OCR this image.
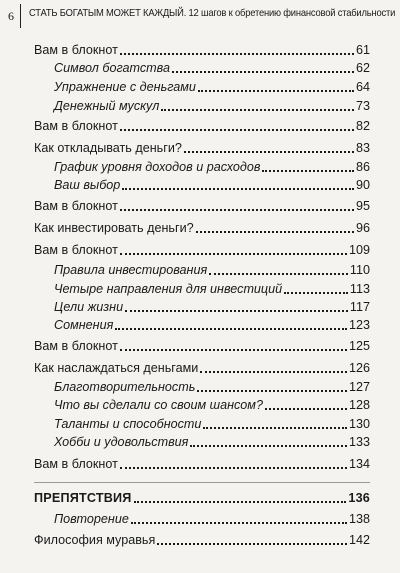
6 СТАТЬ БОГАТЫМ МОЖЕТ КАЖДЫЙ. 12 шагов к обретению финансовой стабильности
Вам в блокнот	61
Символ богатства	62
Упражнение с деньгами	64
Денежный мускул	73
Вам в блокнот	82
Как откладывать деньги?	83
График уровня доходов и расходов	86
Ваш выбор	90
Вам в блокнот	95
Как инвестировать деньги?	96
Вам в блокнот	109
Правила инвестирования	110
Четыре направления для инвестиций	113
Цели жизни	117
Сомнения	123
Вам в блокнот	125
Как наслаждаться деньгами	126
Благотворительность	127
Что вы сделали со своим шансом?	128
Таланты и способности	130
Хобби и удовольствия	133
Вам в блокнот	134
ПРЕПЯТСТВИЯ	136
Повторение	138
Философия муравья	142
